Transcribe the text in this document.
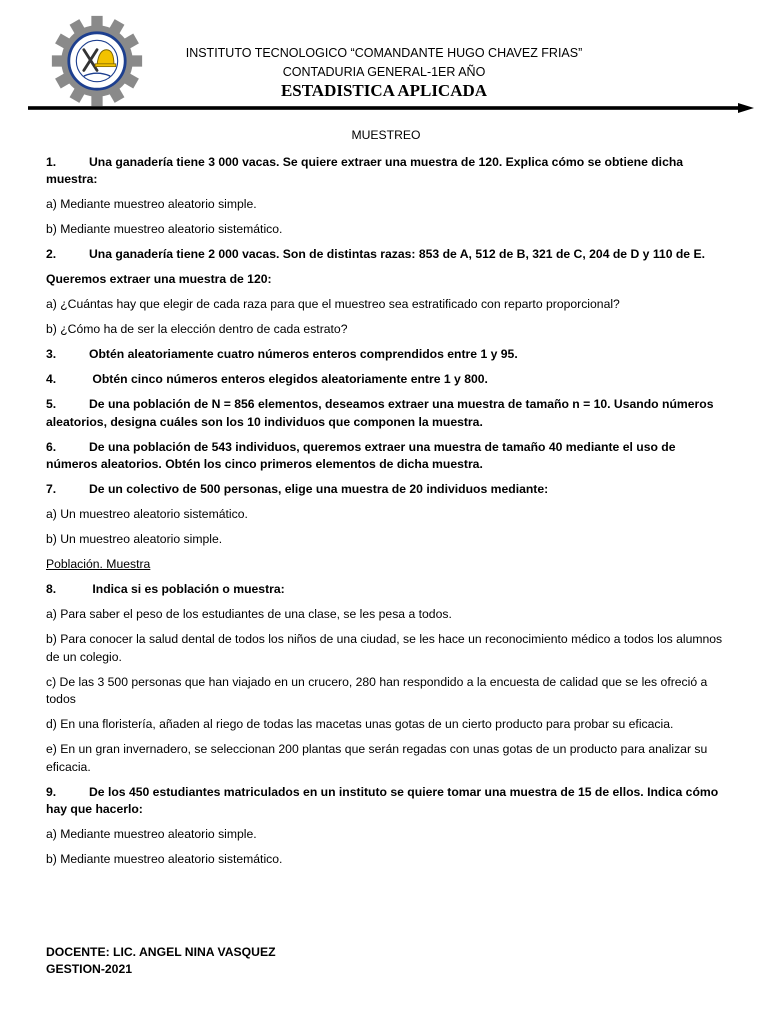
INSTITUTO TECNOLOGICO “COMANDANTE HUGO CHAVEZ FRIAS”
CONTADURIA GENERAL-1ER AÑO
ESTADISTICA APLICADA

MUESTREO

1.	Una ganadería tiene 3 000 vacas. Se quiere extraer una muestra de 120. Explica cómo se obtiene dicha muestra:

a) Mediante muestreo aleatorio simple.

b) Mediante muestreo aleatorio sistemático.

2.	Una ganadería tiene 2 000 vacas. Son de distintas razas: 853 de A, 512 de B, 321 de C, 204 de D y 110 de E.

Queremos extraer una muestra de 120:

a) ¿Cuántas hay que elegir de cada raza para que el muestreo sea estratificado con reparto proporcional?

b) ¿Cómo ha de ser la elección dentro de cada estrato?

3.	Obtén aleatoriamente cuatro números enteros comprendidos entre 1 y 95.

4.	Obtén cinco números enteros elegidos aleatoriamente entre 1 y 800.

5.	De una población de N = 856 elementos, deseamos extraer una muestra de tamaño n = 10. Usando números aleatorios, designa cuáles son los 10 individuos que componen la muestra.

6.	De una población de 543 individuos, queremos extraer una muestra de tamaño 40 mediante el uso de números aleatorios. Obtén los cinco primeros elementos de dicha muestra.

7.	De un colectivo de 500 personas, elige una muestra de 20 individuos mediante:

a) Un muestreo aleatorio sistemático.

b) Un muestreo aleatorio simple.

Población. Muestra

8.	Indica si es población o muestra:

a) Para saber el peso de los estudiantes de una clase, se les pesa a todos.

b) Para conocer la salud dental de todos los niños de una ciudad, se les hace un reconocimiento médico a todos los alumnos de un colegio.

c) De las 3 500 personas que han viajado en un crucero, 280 han respondido a la encuesta de calidad que se les ofreció a todos

d) En una floristería, añaden al riego de todas las macetas unas gotas de un cierto producto para probar su eficacia.

e) En un gran invernadero, se seleccionan 200 plantas que serán regadas con unas gotas de un producto para analizar su eficacia.

9.	De los 450 estudiantes matriculados en un instituto se quiere tomar una muestra de 15 de ellos. Indica cómo hay que hacerlo:

a) Mediante muestreo aleatorio simple.

b) Mediante muestreo aleatorio sistemático.

DOCENTE: LIC. ANGEL NINA VASQUEZ
GESTION-2021
